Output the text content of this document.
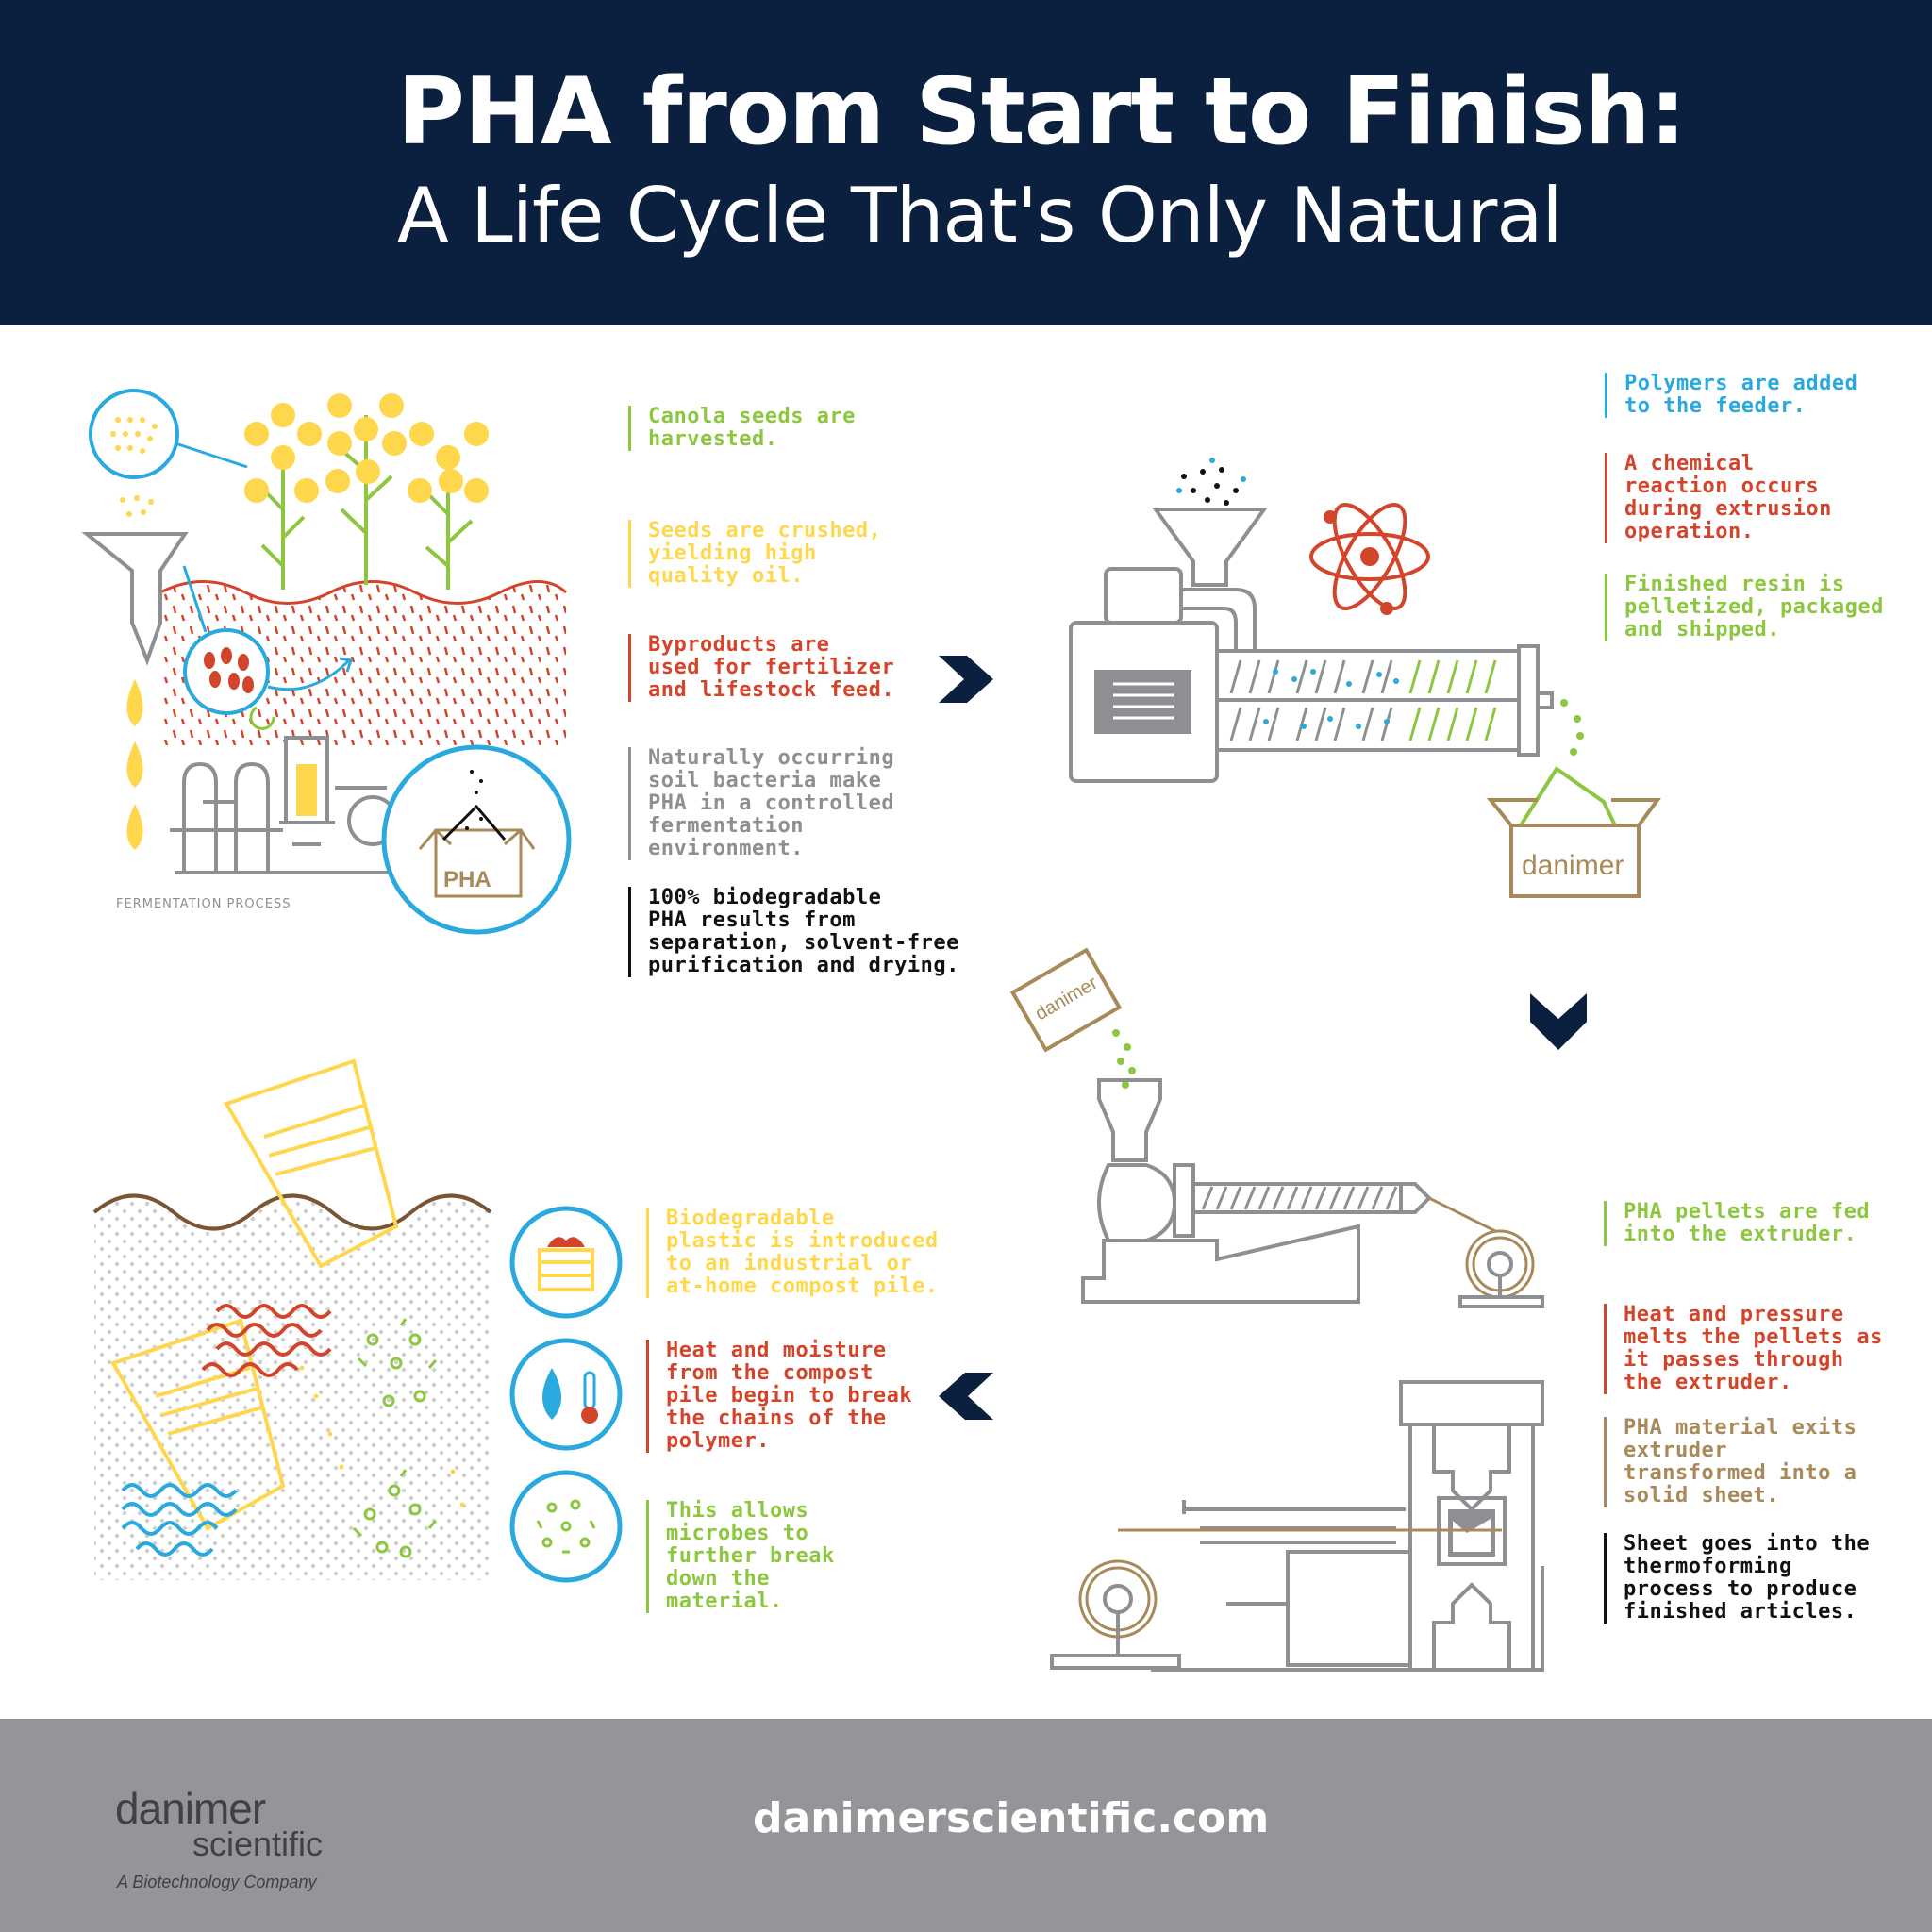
PHA from Start to Finish:
A Life Cycle That's Only Natural
PHA	danimer
danimer
FERMENTATION PROCESS
Canola seeds are
harvested.
Seeds are crushed,
yielding high
quality oil.
Byproducts are
used for fertilizer
and lifestock feed.
Naturally occurring
soil bacteria make
PHA in a controlled
fermentation
environment.
100% biodegradable
PHA results from
separation, solvent-free
purification and drying.
Polymers are added
to the feeder.
A chemical
reaction occurs
during extrusion
operation.
Finished resin is
pelletized, packaged
and shipped.
PHA pellets are fed
into the extruder.
Heat and pressure
melts the pellets as
it passes through
the extruder.
PHA material exits
extruder
transformed into a
solid sheet.
Sheet goes into the
thermoforming
process to produce
finished articles.
Biodegradable
plastic is introduced
to an industrial or
at-home compost pile.
Heat and moisture
from the compost
pile begin to break
the chains of the
polymer.
This allows
microbes to
further break
down the
material.
danimer
scientific
A Biotechnology Company
danimerscientific.com
